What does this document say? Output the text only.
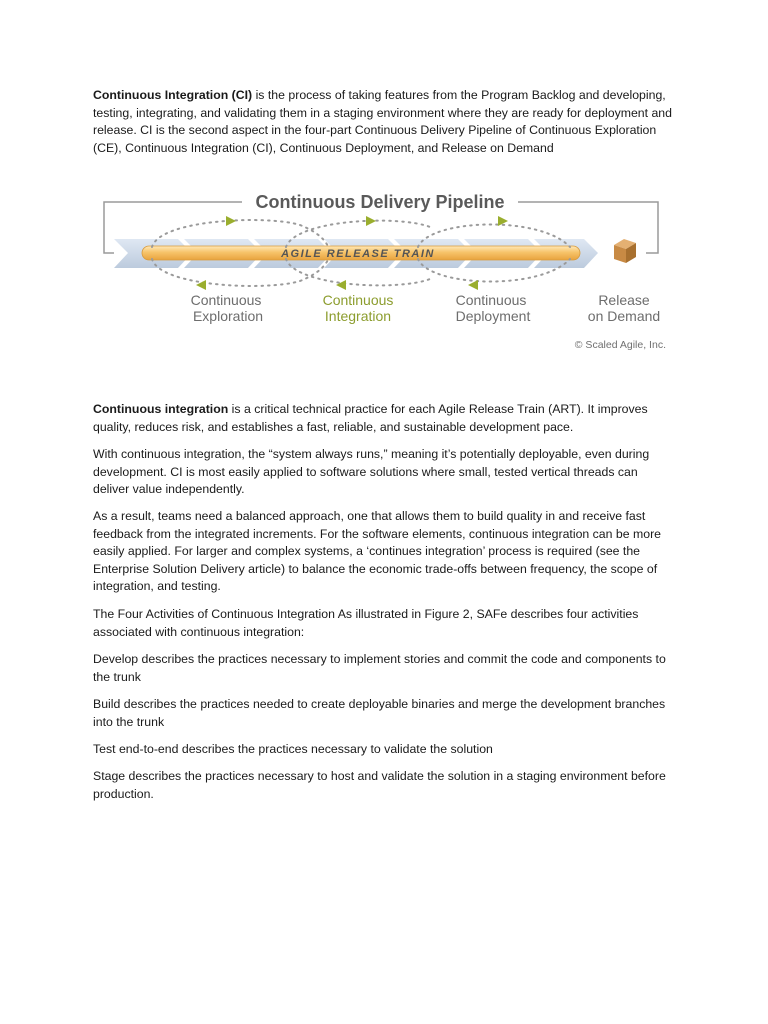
Continuous Integration (CI) is the process of taking features from the Program Backlog and developing, testing, integrating, and validating them in a staging environment where they are ready for deployment and release. CI is the second aspect in the four-part Continuous Delivery Pipeline of Continuous Exploration (CE), Continuous Integration (CI), Continuous Deployment, and Release on Demand

Continuous Delivery Pipeline
AGILE RELEASE TRAIN
Continuous
Exploration
Continuous
Integration
Continuous
Deployment
Release
on Demand
© Scaled Agile, Inc.

Continuous integration is a critical technical practice for each Agile Release Train (ART). It improves quality, reduces risk, and establishes a fast, reliable, and sustainable development pace.

With continuous integration, the “system always runs,” meaning it’s potentially deployable, even during development. CI is most easily applied to software solutions where small, tested vertical threads can deliver value independently.

As a result, teams need a balanced approach, one that allows them to build quality in and receive fast feedback from the integrated increments. For the software elements, continuous integration can be more easily applied. For larger and complex systems, a ‘continues integration’ process is required (see the Enterprise Solution Delivery article) to balance the economic trade-offs between frequency, the scope of integration, and testing.

The Four Activities of Continuous Integration As illustrated in Figure 2, SAFe describes four activities associated with continuous integration:

Develop describes the practices necessary to implement stories and commit the code and components to the trunk

Build describes the practices needed to create deployable binaries and merge the development branches into the trunk

Test end-to-end describes the practices necessary to validate the solution

Stage describes the practices necessary to host and validate the solution in a staging environment before production.
